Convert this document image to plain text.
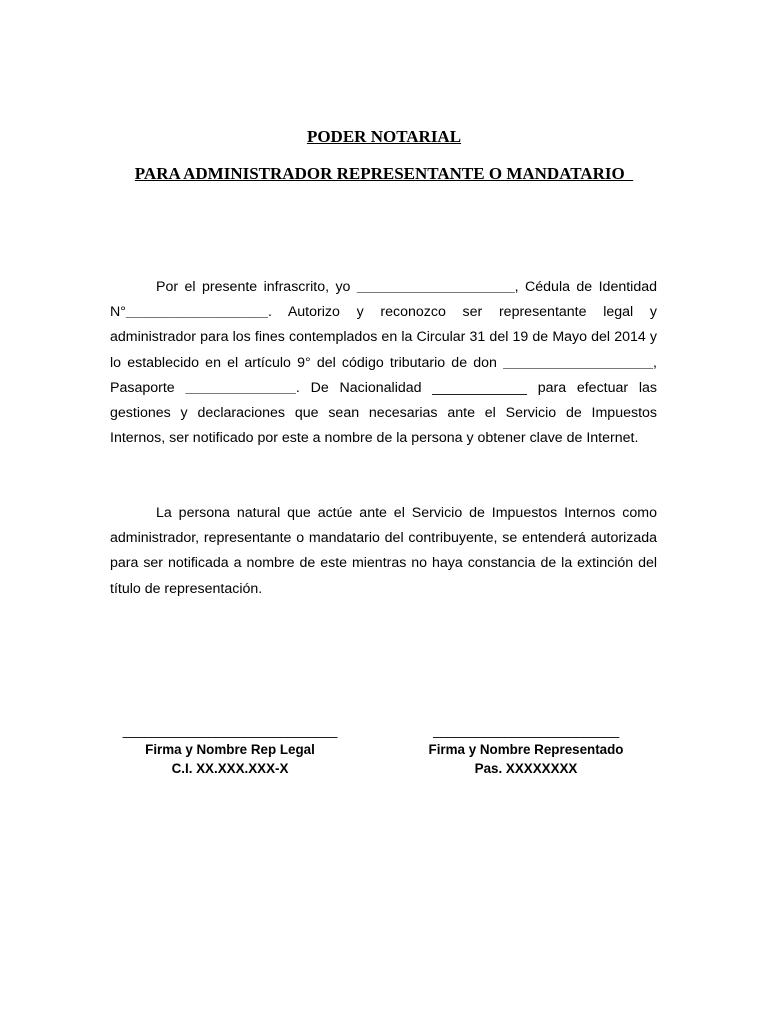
PODER NOTARIAL
PARA ADMINISTRADOR REPRESENTANTE O MANDATARIO

Por el presente infrascrito, yo ____________________, Cédula de Identidad N°__________________. Autorizo y reconozco ser representante legal y administrador para los fines contemplados en la Circular 31 del 19 de Mayo del 2014 y lo establecido en el artículo 9° del código tributario de don ___________________, Pasaporte ______________. De Nacionalidad ____________ para efectuar las gestiones y declaraciones que sean necesarias ante el Servicio de Impuestos Internos, ser notificado por este a nombre de la persona y obtener clave de Internet.

La persona natural que actúe ante el Servicio de Impuestos Internos como administrador, representante o mandatario del contribuyente, se entenderá autorizada para ser notificada a nombre de este mientras no haya constancia de la extinción del título de representación.

______________________________
Firma y Nombre Rep Legal
C.I. XX.XXX.XXX-X
__________________________
Firma y Nombre Representado
Pas. XXXXXXXX
